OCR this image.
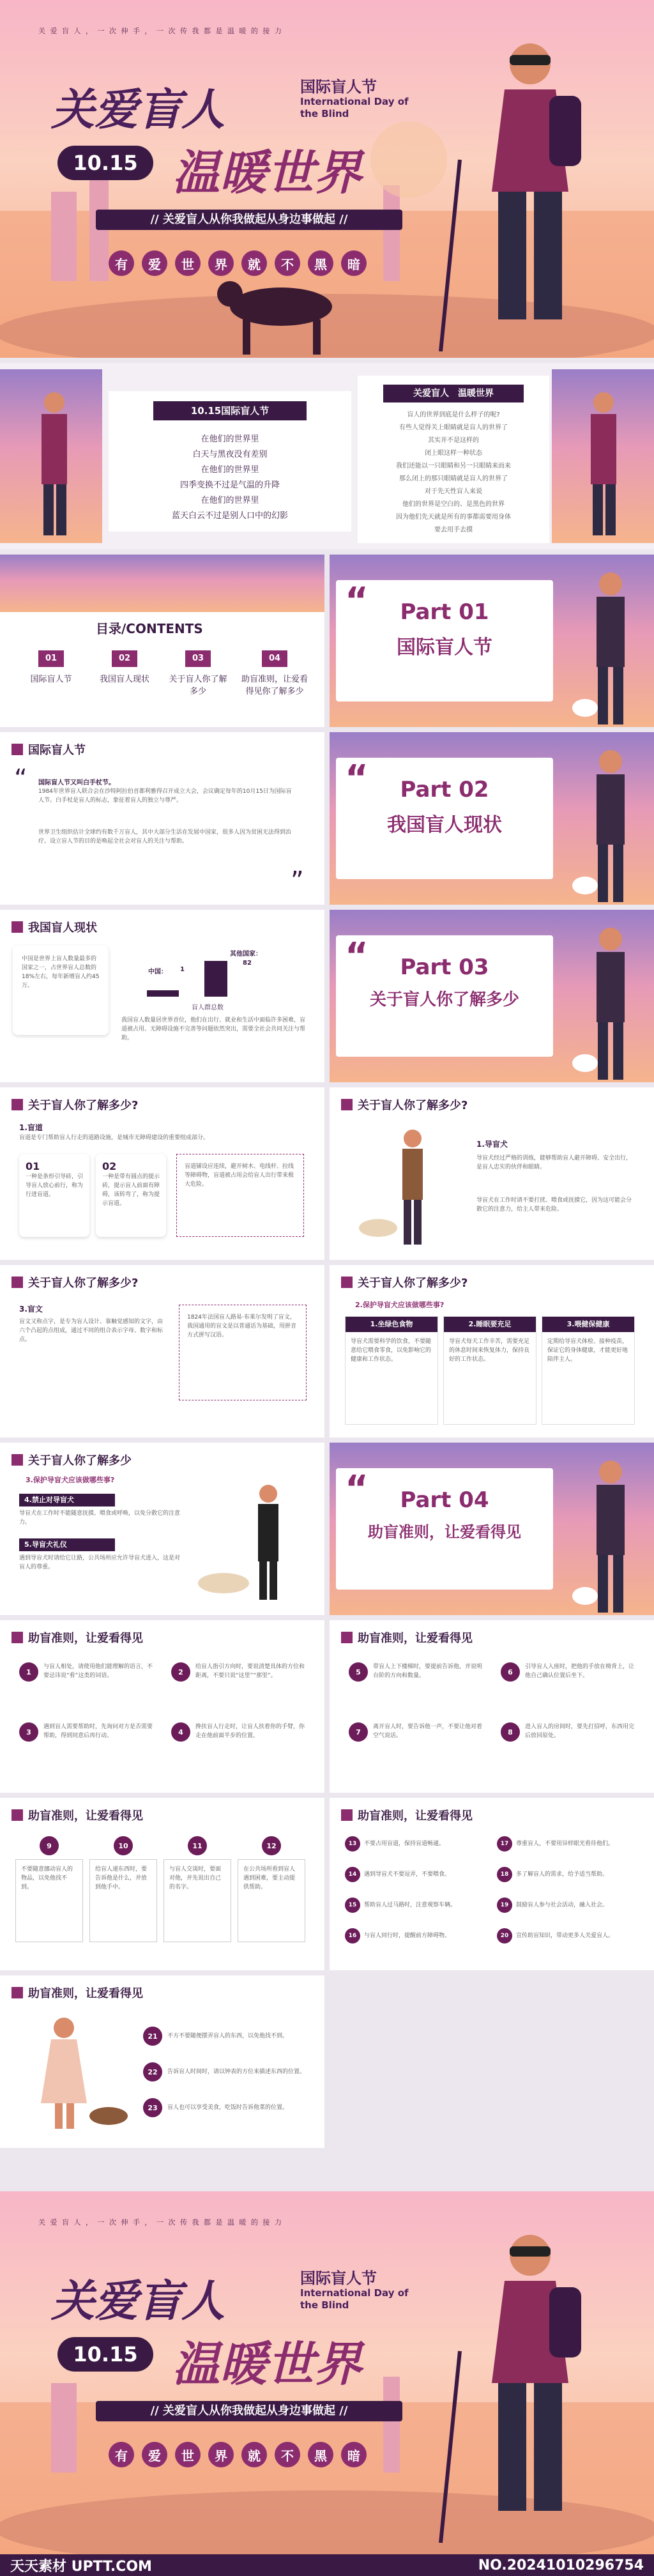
关 爱 盲 人 ， 一 次 伸 手 ， 一 次 传 我 都 是 温 暖 的 接 力
关爱盲人
10.15 温暖世界
国际盲人节
International Day of the Blind
// 关爱盲人从你我做起从身边事做起 //
有	爱	世	界	就	不	黑	暗
10.15国际盲人节
在他们的世界里
白天与黑夜没有差别
在他们的世界里
四季变换不过是气温的升降
在他们的世界里
蓝天白云不过是别人口中的幻影
关爱盲人　温暖世界
盲人的世界到底是什么样子的呢?
有些人觉得关上眼睛就是盲人的世界了
其实并不是这样的
闭上眼这样一种状态
我们还能以一只眼睛和另一只眼睛来而来
那么闭上的那只眼睛就是盲人的世界了
对于先天性盲人来说
他们的世界是空白的、是黑色的世界
因为他们先天就是所有的事都需要用身体
要去用手去摸
目录/CONTENTS
01
国际盲人节
02
我国盲人现状
03
关于盲人你了解多少
04
助盲准则，让爱看得见你了解多少
“	Part 01
国际盲人节
国际盲人节
“ 国际盲人节又叫白手杖节。
1984年世界盲人联合会在沙特阿拉伯首都利雅得召开成立大会，会议确定每年的10月15日为国际盲人节。白手杖是盲人的标志，象征着盲人的独立与尊严。
世界卫生组织估计全球约有数千万盲人，其中大部分生活在发展中国家，很多人因为贫困无法得到治疗。设立盲人节的目的是唤起全社会对盲人的关注与帮助。
”
“	Part 02
我国盲人现状
我国盲人现状
中国是世界上盲人数量最多的国家之一，占世界盲人总数的18%左右，每年新增盲人约45万。
中国： 1
其他国家：
82
盲人群总数
我国盲人数量居世界首位，他们在出行、就业和生活中面临许多困难，盲道被占用、无障碍设施不完善等问题依然突出，需要全社会共同关注与帮助。
“	Part 03
关于盲人你了解多少
关于盲人你了解多少?
1.盲道
盲道是专门帮助盲人行走的道路设施，是城市无障碍建设的重要组成部分。
01
一种是条形引导砖，引导盲人放心前行，称为行进盲道。
02
一种是带有圆点的提示砖，提示盲人前面有障碍，该转弯了，称为提示盲道。
盲道铺设应连续，避开树木、电线杆、拉线等障碍物，盲道被占用会给盲人出行带来极大危险。
关于盲人你了解多少?
1.导盲犬
导盲犬经过严格的训练，能够帮助盲人避开障碍、安全出行，是盲人忠实的伙伴和眼睛。
导盲犬在工作时请不要打扰、喂食或抚摸它，因为这可能会分散它的注意力，给主人带来危险。
关于盲人你了解多少?
3.盲文
盲文又称点字，是专为盲人设计、靠触觉感知的文字，由六个凸起的点组成，通过不同的组合表示字母、数字和标点。
1824年法国盲人路易·布莱尔发明了盲文，我国通用的盲文是以普通话为基础，用拼音方式拼写汉语。
关于盲人你了解多少?
2.保护导盲犬应该做哪些事?
1.坐绿色食物
导盲犬需要科学的饮食，不要随意给它喂食零食，以免影响它的健康和工作状态。
2.睡眠要充足
导盲犬每天工作辛苦，需要充足的休息时间来恢复体力，保持良好的工作状态。
3.喂健保健康
定期给导盲犬体检、接种疫苗，保证它的身体健康，才能更好地陪伴主人。
关于盲人你了解多少
3.保护导盲犬应该做哪些事?
4.禁止对导盲犬
导盲犬在工作时不能随意抚摸、喂食或呼唤，以免分散它的注意力。
5.导盲犬礼仪
遇到导盲犬时请给它让路，公共场所应允许导盲犬进入，这是对盲人的尊重。
“	Part 04
助盲准则，让爱看得见
助盲准则，让爱看得见
1
与盲人相处，请使用他们能理解的语言，不要忌讳说“看”这类的词语。	2
给盲人指引方向时，要说清楚具体的方位和距离，不要只说“这里”“那里”。
3
遇到盲人需要帮助时，先询问对方是否需要帮助，得到同意后再行动。	4
搀扶盲人行走时，让盲人扶着你的手臂，你走在他前面半步的位置。
助盲准则，让爱看得见
5
带盲人上下楼梯时，要提前告诉他，并说明台阶的方向和数量。	6
引导盲人入座时，把他的手放在椅背上，让他自己确认位置后坐下。
7
离开盲人时，要告诉他一声，不要让他对着空气说话。	8
进入盲人的房间时，要先打招呼，东西用完后放回原处。
助盲准则，让爱看得见
9
不要随意挪动盲人的物品，以免他找不到。
10
给盲人递东西时，要告诉他是什么，并放到他手中。
11
与盲人交谈时，要面对他，并先说出自己的名字。
12
在公共场所看到盲人遇到困难，要主动提供帮助。
助盲准则，让爱看得见
13	不要占用盲道，保持盲道畅通。
14	遇到导盲犬不要逗弄，不要喂食。
15	帮助盲人过马路时，注意观察车辆。
16	与盲人同行时，提醒前方障碍物。
17	尊重盲人，不要用异样眼光看待他们。
18	多了解盲人的需求，给予适当帮助。
19	鼓励盲人参与社会活动，融入社会。
20	宣传助盲知识，带动更多人关爱盲人。
助盲准则，让爱看得见
21	不方不要随便摆弄盲人的东西，以免他找不到。
22	告诉盲人时间时，请以钟表的方位来描述东西的位置。
23	盲人也可以享受美食，吃饭时告诉他菜的位置。
关 爱 盲 人 ， 一 次 伸 手 ， 一 次 传 我 都 是 温 暖 的 接 力
关爱盲人
10.15 温暖世界
国际盲人节
International Day of the Blind
// 关爱盲人从你我做起从身边事做起 //
有	爱	世	界	就	不	黑	暗
天天素材 UPTT.COM	NO.20241010296754
